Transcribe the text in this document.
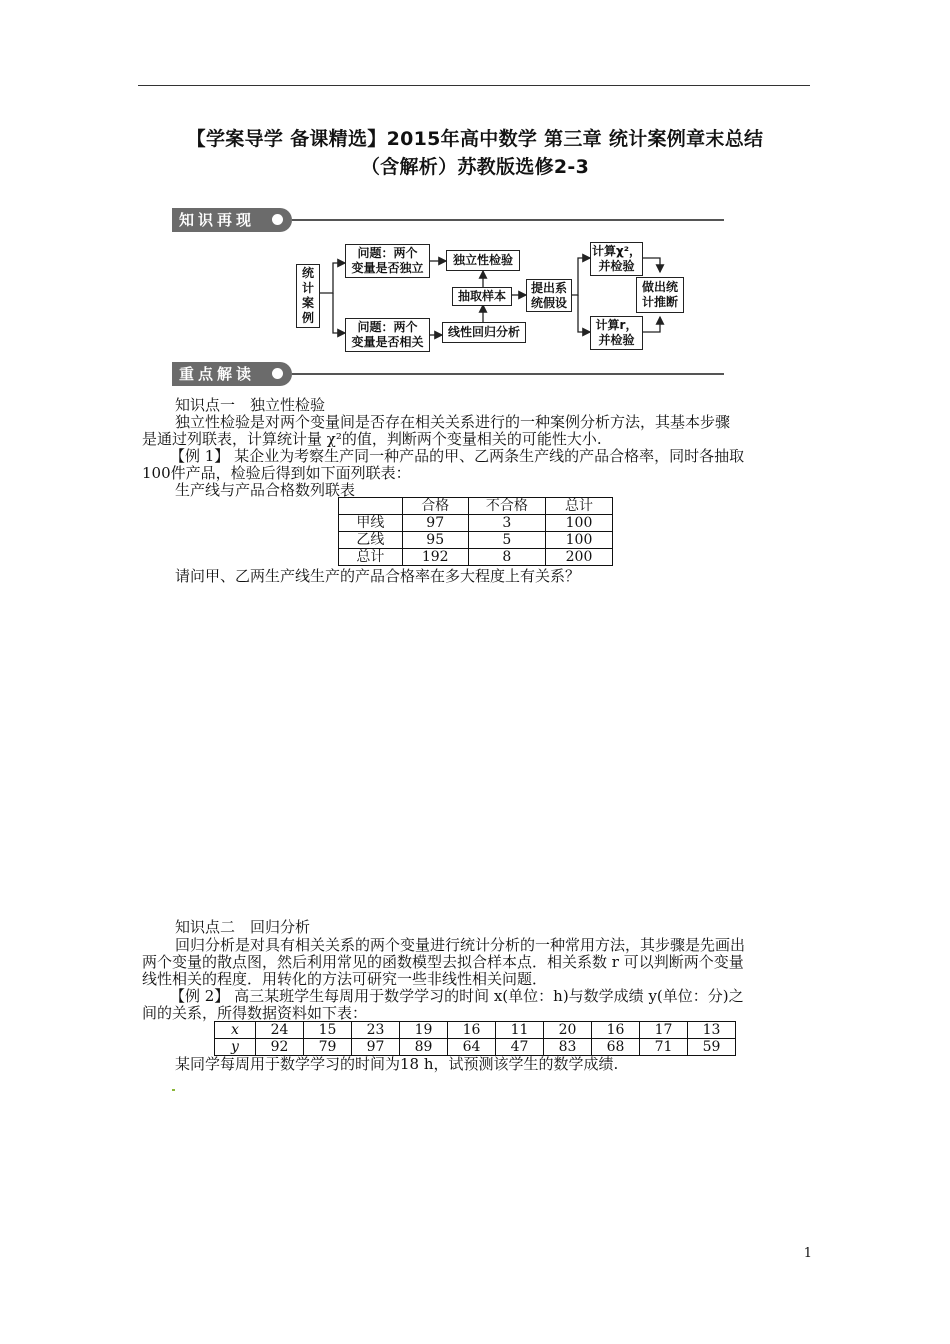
【学案导学 备课精选】2015年高中数学 第三章 统计案例章末总结
（含解析）苏教版选修2-3
知识再现
统
计
案
例
问题：两个
变量是否独立
问题：两个
变量是否相关
独立性检验
抽取样本
线性回归分析
提出系
统假设
计算χ²，
并检验
计算r，
并检验
做出统
计推断
重点解读
知识点一　独立性检验
独立性检验是对两个变量间是否存在相关关系进行的一种案例分析方法，其基本步骤
是通过列联表，计算统计量 χ²的值，判断两个变量相关的可能性大小.
【例 1】 某企业为考察生产同一种产品的甲、乙两条生产线的产品合格率，同时各抽取
100件产品，检验后得到如下面列联表：
生产线与产品合格数列联表
	合格	不合格	总计
甲线	97	3	100
乙线	95	5	100
总计	192	8	200
请问甲、乙两生产线生产的产品合格率在多大程度上有关系？
知识点二　回归分析
回归分析是对具有相关关系的两个变量进行统计分析的一种常用方法，其步骤是先画出
两个变量的散点图，然后利用常见的函数模型去拟合样本点．相关系数 r 可以判断两个变量
线性相关的程度．用转化的方法可研究一些非线性相关问题．
【例 2】 高三某班学生每周用于数学学习的时间 x(单位：h)与数学成绩 y(单位：分)之
间的关系，所得数据资料如下表：
x	24	15	23	19	16	11	20	16	17	13
y	92	79	97	89	64	47	83	68	71	59
某同学每周用于数学学习的时间为18 h，试预测该学生的数学成绩.
1
